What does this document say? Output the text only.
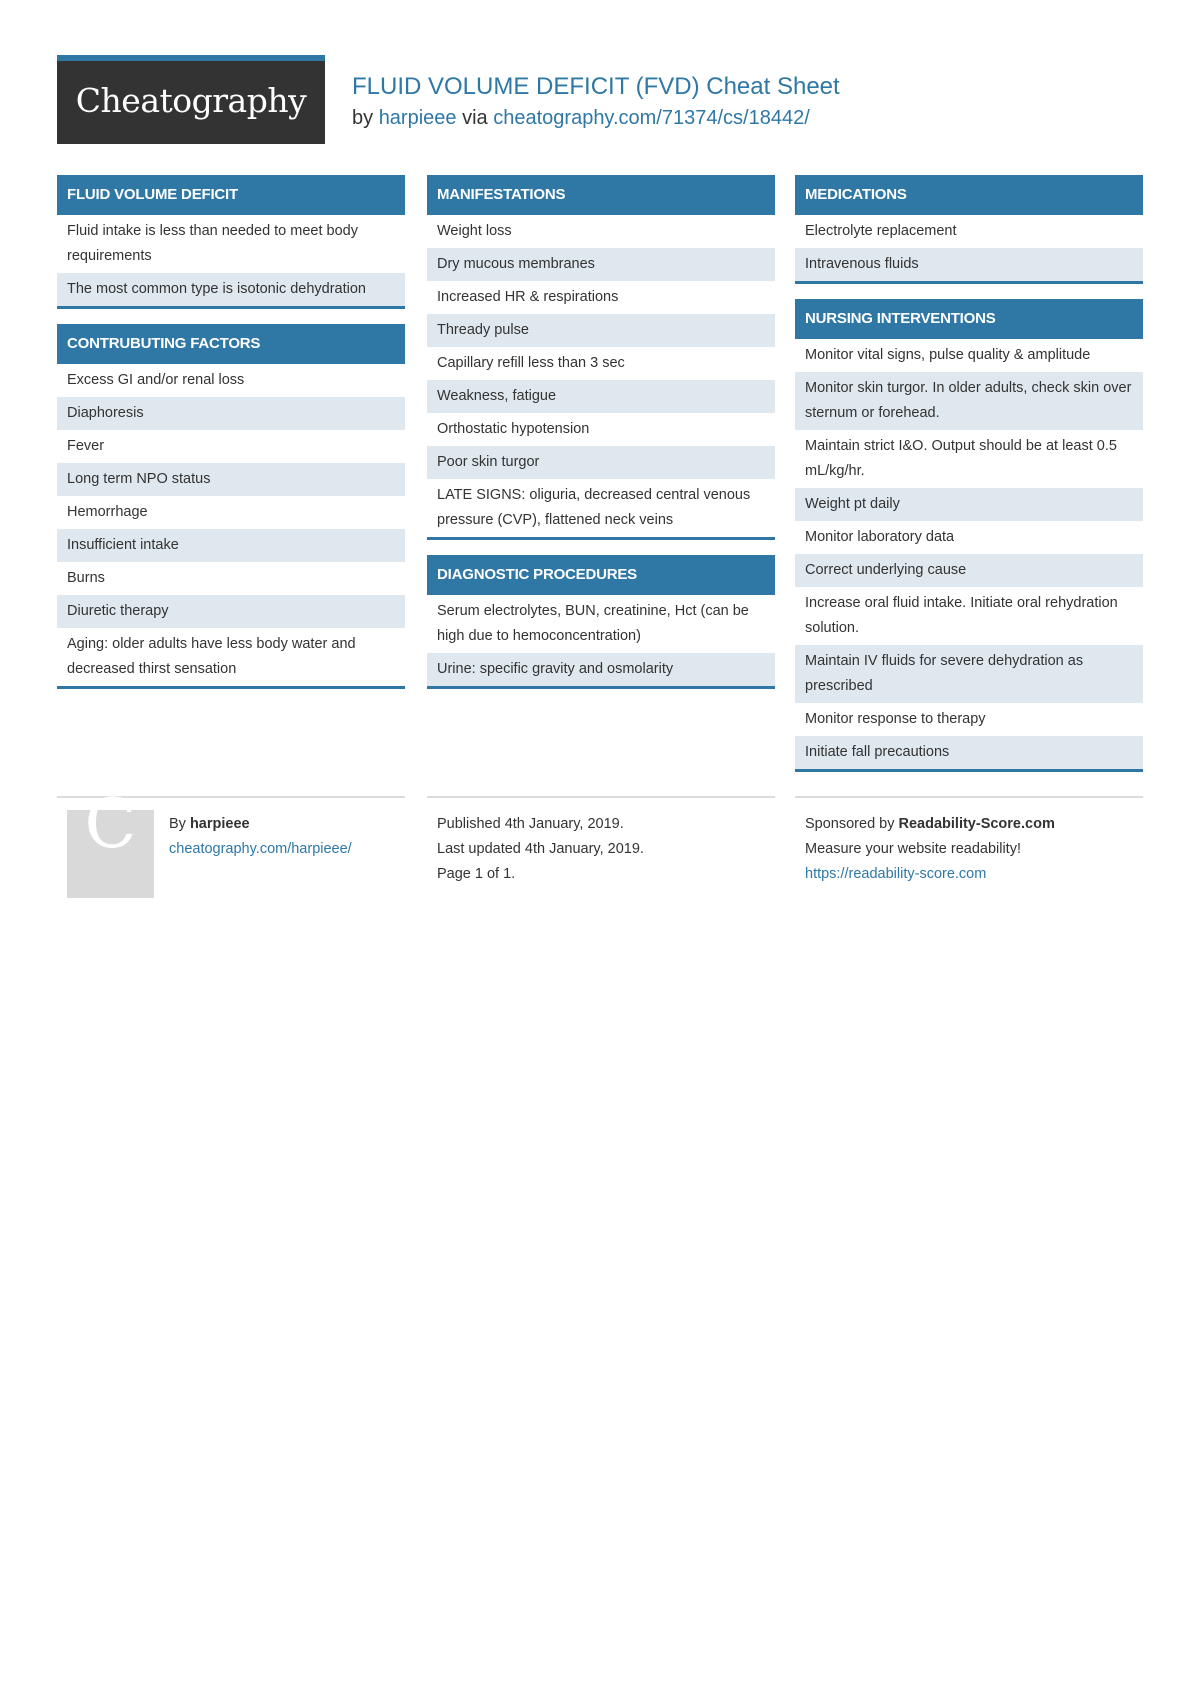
Cheatography	FLUID VOLUME DEFICIT (FVD) Cheat Sheet
by harpieee via cheatography.com/71374/cs/18442/
FLUID VOLUME DEFICIT
Fluid intake is less than needed to meet body requirements
The most common type is isotonic dehydration
CONTRUBUTING FACTORS
Excess GI and/or renal loss
Diaphoresis
Fever
Long term NPO status
Hemorrhage
Insufficient intake
Burns
Diuretic therapy
Aging: older adults have less body water and decreased thirst sensation
MANIFESTATIONS
Weight loss
Dry mucous membranes
Increased HR & respirations
Thready pulse
Capillary refill less than 3 sec
Weakness, fatigue
Orthostatic hypotension
Poor skin turgor
LATE SIGNS: oliguria, decreased central venous pressure (CVP), flattened neck veins
DIAGNOSTIC PROCEDURES
Serum electrolytes, BUN, creatinine, Hct (can be high due to hemoconcentration)
Urine: specific gravity and osmolarity
MEDICATIONS
Electrolyte replacement
Intravenous fluids
NURSING INTERVENTIONS
Monitor vital signs, pulse quality & amplitude
Monitor skin turgor. In older adults, check skin over sternum or forehead.
Maintain strict I&O. Output should be at least 0.5 mL/kg/hr.
Weight pt daily
Monitor laboratory data
Correct underlying cause
Increase oral fluid intake. Initiate oral rehydration solution.
Maintain IV fluids for severe dehydration as prescribed
Monitor response to therapy
Initiate fall precautions
C	By harpieee
cheatography.com/harpieee/
Published 4th January, 2019.
Last updated 4th January, 2019.
Page 1 of 1.
Sponsored by Readability-Score.com
Measure your website readability!
https://readability-score.com
